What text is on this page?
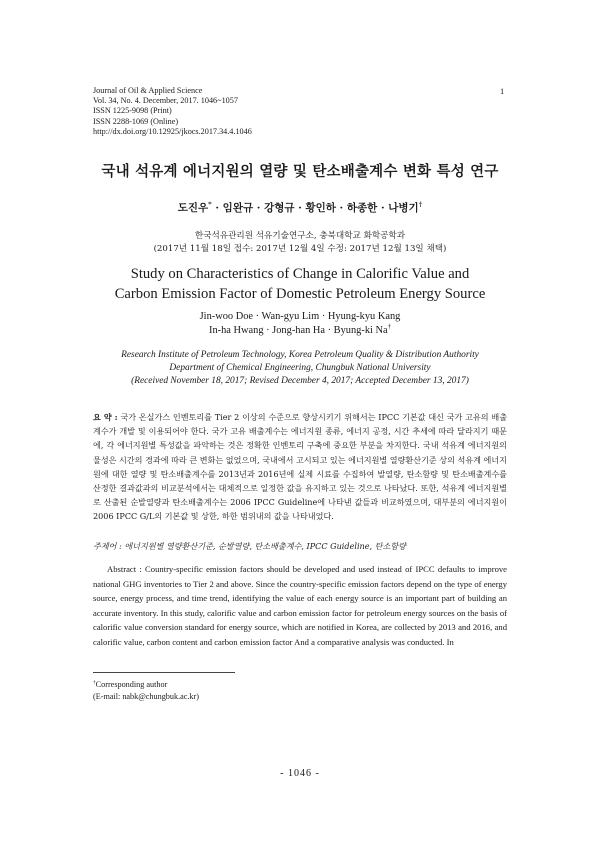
Journal of Oil & Applied Science
Vol. 34, No. 4. December, 2017. 1046~1057
ISSN 1225-9098 (Print)
ISSN 2288-1069 (Online)
http://dx.doi.org/10.12925/jkocs.2017.34.4.1046
1
국내 석유계 에너지원의 열량 및 탄소배출계수 변화 특성 연구
도진우* · 임완규 · 강형규 · 황인하 · 하종한 · 나병기†
한국석유관리원 석유기술연구소, 충북대학교 화학공학과
(2017년 11월 18일 접수: 2017년 12월 4일 수정: 2017년 12월 13일 채택)
Study on Characteristics of Change in Calorific Value and
Carbon Emission Factor of Domestic Petroleum Energy Source
Jin-woo Doe · Wan-gyu Lim · Hyung-kyu Kang
In-ha Hwang · Jong-han Ha · Byung-ki Na†
Research Institute of Petroleum Technology, Korea Petroleum Quality & Distribution Authority
Department of Chemical Engineering, Chungbuk National University
(Received November 18, 2017; Revised December 4, 2017; Accepted December 13, 2017)
요 약 : 국가 온실가스 인벤토리를 Tier 2 이상의 수준으로 향상시키기 위해서는 IPCC 기본값 대신 국가 고유의 배출계수가 개발 및 이용되어야 한다. 국가 고유 배출계수는 에너지원 종류, 에너지 공정, 시간 추세에 따라 달라지기 때문에, 각 에너지원별 특성값을 파악하는 것은 정확한 인벤토리 구축에 중요한 부분을 차지한다. 국내 석유계 에너지원의 물성은 시간의 경과에 따라 큰 변화는 없었으며, 국내에서 고시되고 있는 에너지원별 열량환산기준 상의 석유계 에너지원에 대한 열량 및 탄소배출계수를 2013년과 2016년에 실제 시료를 수집하여 발열량, 탄소함량 및 탄소배출계수를 산정한 결과값과의 비교분석에서는 대체적으로 일정한 값을 유지하고 있는 것으로 나타났다. 또한, 석유계 에너지원별로 산출된 순발열량과 탄소배출계수는 2006 IPCC Guideline에 나타낸 값들과 비교하였으며, 대부분의 에너지원이 2006 IPCC G/L의 기본값 및 상한, 하한 범위내의 값을 나타내었다.
주제어 : 에너지원별 열량환산기준, 순발열량, 탄소배출계수, IPCC Guideline, 탄소함량
Abstract : Country-specific emission factors should be developed and used instead of IPCC defaults to improve national GHG inventories to Tier 2 and above. Since the country-specific emission factors depend on the type of energy source, energy process, and time trend, identifying the value of each energy source is an important part of building an accurate inventory. In this study, calorific value and carbon emission factor for petroleum energy sources on the basis of calorific value conversion standard for energy source, which are notified in Korea, are collected by 2013 and 2016, and calorific value, carbon content and carbon emission factor And a comparative analysis was conducted. In
†Corresponding author
(E-mail: nabk@chungbuk.ac.kr)
- 1046 -
